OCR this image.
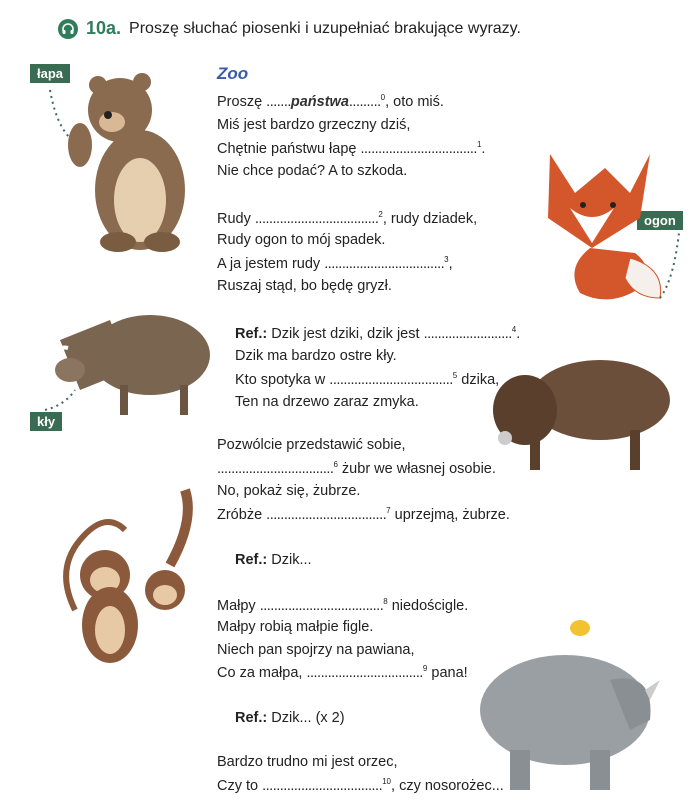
10a. Proszę słuchać piosenki i uzupełniać brakujące wyrazy.
Zoo
łapa
ogon
kły
Proszę .......państwa.........$^0$, oto miś.
Miś jest bardzo grzeczny dziś,
Chętnie państwu łapę .................................$^1$.
Nie chce podać? A to szkoda.
Rudy ...................................$^2$, rudy dziadek,
Rudy ogon to mój spadek.
A ja jestem rudy ..................................$^3$,
Ruszaj stąd, bo będę gryzł.
Ref.: Dzik jest dziki, dzik jest .........................$^4$.
Dzik ma bardzo ostre kły.
Kto spotyka w ...................................$^5$ dzika,
Ten na drzewo zaraz zmyka.
Pozwólcie przedstawić sobie,
.................................$^6$ żubr we własnej osobie.
No, pokaż się, żubrze.
Zróbże ..................................$^7$ uprzejmą, żubrze.
Ref.: Dzik...
Małpy ...................................$^8$ niedościgle.
Małpy robią małpie figle.
Niech pan spojrzy na pawiana,
Co za małpa, .................................$^9$ pana!
Ref.: Dzik... (x 2)
Bardzo trudno mi jest orzec,
Czy to ..................................$^{10}$, czy nosorożec...
